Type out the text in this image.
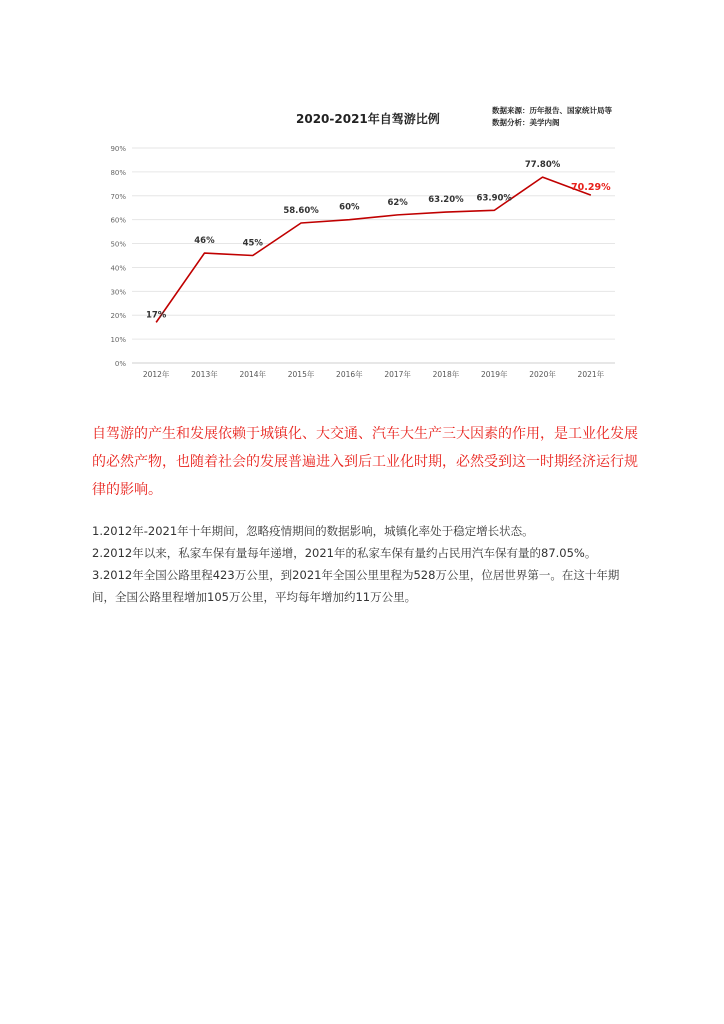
2020-2021年自驾游比例
数据来源：历年报告、国家统计局等
数据分析：美学内阁
0%
10%
20%
30%
40%
50%
60%
70%
80%
90%
2012年	2013年	2014年	2015年	2016年	2017年	2018年	2019年	2020年	2021年
17%
46%	45%
58.60% 60%	62% 63.20% 63.90%
77.80%
70.29%

自驾游的产生和发展依赖于城镇化、大交通、汽车大生产三大因素的作用，是工业化发展的必然产物，也随着社会的发展普遍进入到后工业化时期，必然受到这一时期经济运行规律的影响。

1.2012年-2021年十年期间，忽略疫情期间的数据影响，城镇化率处于稳定增长状态。

2.2012年以来，私家车保有量每年递增，2021年的私家车保有量约占民用汽车保有量的87.05%。

3.2012年全国公路里程423万公里，到2021年全国公里里程为528万公里，位居世界第一。在这十年期间，全国公路里程增加105万公里，平均每年增加约11万公里。
